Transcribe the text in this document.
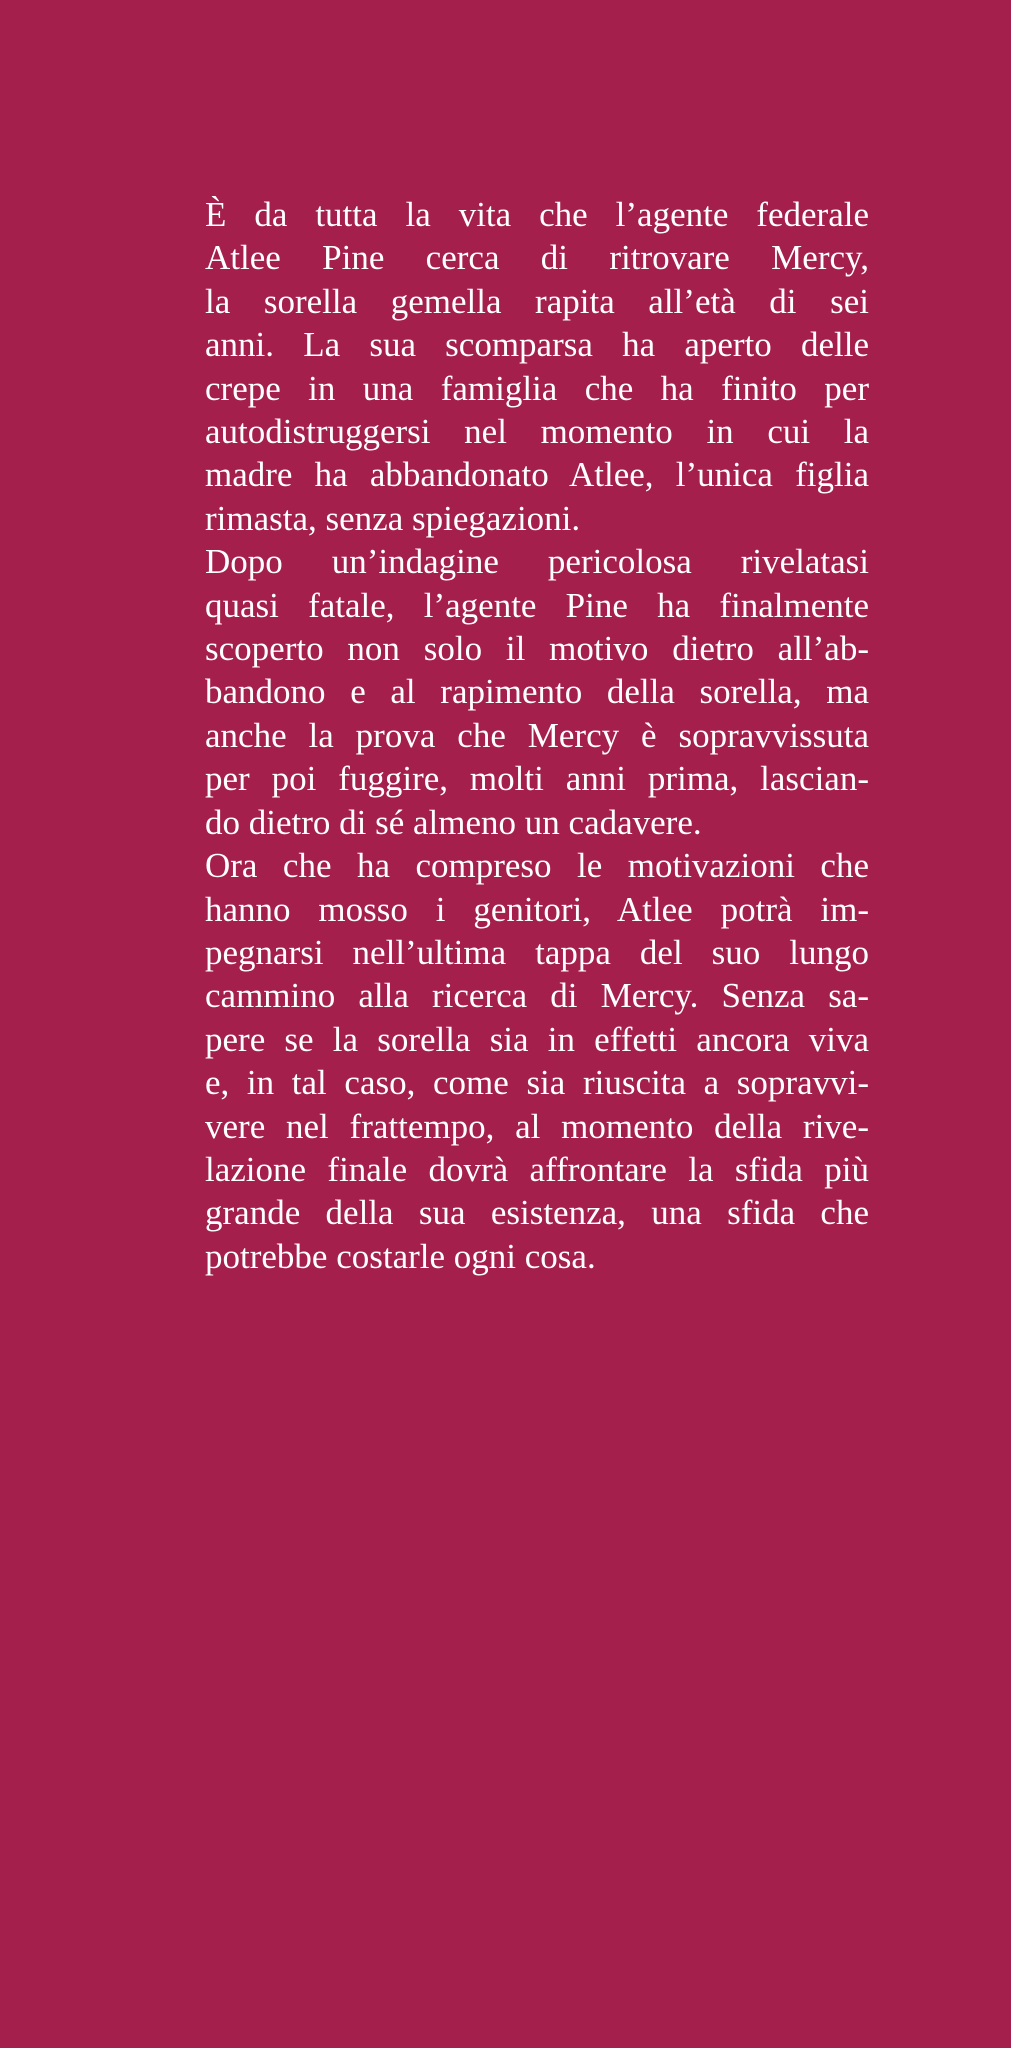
È da tutta la vita che l’agente federale
Atlee Pine cerca di ritrovare Mercy,
la sorella gemella rapita all’età di sei
anni. La sua scomparsa ha aperto delle
crepe in una famiglia che ha finito per
autodistruggersi nel momento in cui la
madre ha abbandonato Atlee, l’unica figlia
rimasta, senza spiegazioni.

Dopo un’indagine pericolosa rivelatasi
quasi fatale, l’agente Pine ha finalmente
scoperto non solo il motivo dietro all’ab-
bandono e al rapimento della sorella, ma
anche la prova che Mercy è sopravvissuta
per poi fuggire, molti anni prima, lascian-
do dietro di sé almeno un cadavere.

Ora che ha compreso le motivazioni che
hanno mosso i genitori, Atlee potrà im-
pegnarsi nell’ultima tappa del suo lungo
cammino alla ricerca di Mercy. Senza sa-
pere se la sorella sia in effetti ancora viva
e, in tal caso, come sia riuscita a sopravvi-
vere nel frattempo, al momento della rive-
lazione finale dovrà affrontare la sfida più
grande della sua esistenza, una sfida che
potrebbe costarle ogni cosa.
